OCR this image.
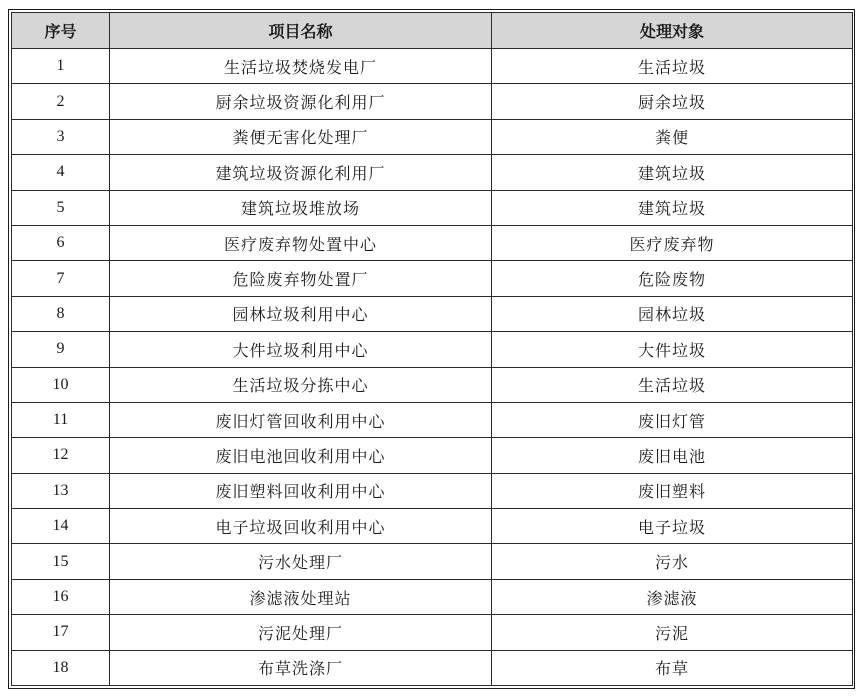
序号	项目名称	处理对象
1	生活垃圾焚烧发电厂	生活垃圾
2	厨余垃圾资源化利用厂	厨余垃圾
3	粪便无害化处理厂	粪便
4	建筑垃圾资源化利用厂	建筑垃圾
5	建筑垃圾堆放场	建筑垃圾
6	医疗废弃物处置中心	医疗废弃物
7	危险废弃物处置厂	危险废物
8	园林垃圾利用中心	园林垃圾
9	大件垃圾利用中心	大件垃圾
10	生活垃圾分拣中心	生活垃圾
11	废旧灯管回收利用中心	废旧灯管
12	废旧电池回收利用中心	废旧电池
13	废旧塑料回收利用中心	废旧塑料
14	电子垃圾回收利用中心	电子垃圾
15	污水处理厂	污水
16	渗滤液处理站	渗滤液
17	污泥处理厂	污泥
18	布草洗涤厂	布草
